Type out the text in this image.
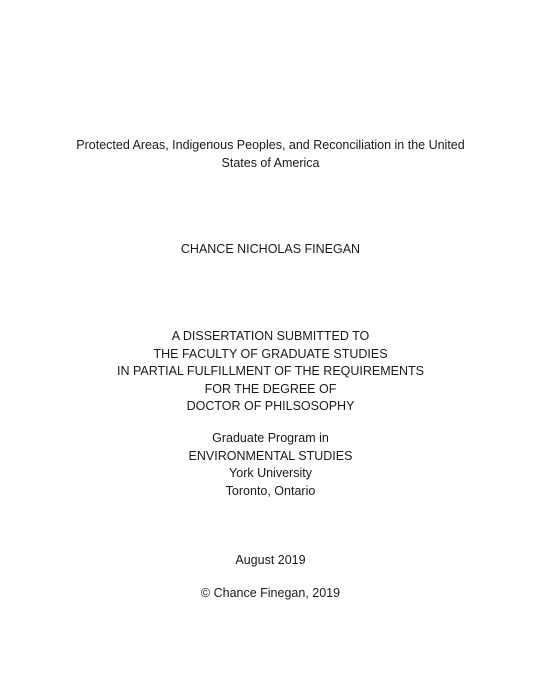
Protected Areas, Indigenous Peoples, and Reconciliation in the United
States of America
CHANCE NICHOLAS FINEGAN
A DISSERTATION SUBMITTED TO
THE FACULTY OF GRADUATE STUDIES
IN PARTIAL FULFILLMENT OF THE REQUIREMENTS
FOR THE DEGREE OF
DOCTOR OF PHILSOSOPHY
Graduate Program in
ENVIRONMENTAL STUDIES
York University
Toronto, Ontario
August 2019
© Chance Finegan, 2019
